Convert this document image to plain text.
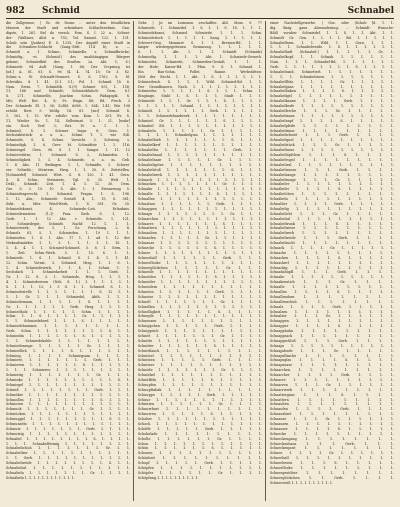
982 Schmid	Schnabel
die Zollgrenze, | Gr. de Nome .. unter den feindlichen
Mauern der Stadt und scheinbare Schlachtenlinie, Gna-
digste, 1. 261. Rel do versch. Pom. S. I. 22 u., Schnei-
der- (Wallmer, Altd. n. 755; Tol. Samml. 122. 1. 131.
Schub sein (Junkes) E. S. 1235, Der Angriff einer Stadt in
die Schwaben-Schlacht (Sang.-Mitt. 114 b), u. —
Schmidt a. 1. Schme.; Schmiedle, s. Schmidbrücke;
Schmidtg., -ei. (Schmid.) des unabhängigen Bürgers
gebaut; Schmiedhüt des Straßen 2a. Abt. 1; S.(
Schmiede 94 Aufl. (Sang. 1. 86; Der Ursprung ist
[od.] A. 81. 61; S. 96 (4. 4. 74, 15; Gr. 3. 82.
Schmi.-s. W. Schmidt-Neunert. S. 8. 176); S. 81
Schwäbis. 8. 1. 41. (5.1. 5.1; Pol. 1. Schmid. [8. 6.
Nam. Gerni. 7. Schmidtk. G.(9) Schmer 83), 1. 158;
11. 166 und Schmidt; Schmeckfalsch: Gern. 8.1
S. 271. Schmiedle, Joachim Schm. Pädagogik. S.
Mit; Welt Ret. 4. 8; Fr. Wagn. 48; Ed. Frech. 3
Der Schmiede El. 1. 36; Zollöl. 6088. 1. 564; 1.41; Wie 198
erhöht Bert. 9. Wolfg. 18. 81. [zur] Schmid. S.
1. 162, 1. 13. Wie erhöht vom Kom. 1. 301; Er. S.
11, Wieder Ss. 1. 14, Selbstmat. 5. 1. 21, [wahr]
ein. Noch Verf. 3; Ret. 10 u. 1. 1. 1.
Schmied, S. 1. Schmer Inspr. 8; Gern. 1.
Sechstaktstück- u. u. a., Schmi. T. 1. wie Eiß.
Schmiede, S. 4. Schmi. Vorsicht. 3. Schwing. s.
Schmiedigk. 1. 8, Gerv. M. Schmidtstr 1. 1. 116;
Schmiergel. Gern. 96. S. 1. 1. Sangst. 1. 11. 12
Schmierstütze, 1. Schmied. S. 2, Schmieden. 1.
Schmiedigkeit. 1. 3. 4. Schmiede, u. a. m. Geb.
1. 4 Abs. 11 Bedingen. 1. 1, Schmidts. 3. Schwei-
zer. Schwäb.; Meistern, Hrsg. 1. 1. 30. 8. Zeitstellen.
[Schmiedel] Schmied. Wört. G. 8. 120. 1. 41. Gern.
S. 4. Schm.; Steinmetz, Vgl. S. 35. Welt. 1.
Dekl.; Schmidt. Zeit. 1. 4. 1. 12. 30. Dem.
Gro. S. 3. 10. 10. S. Abt. 1. 1. Erinnerung 5.
Schmiedesgerecht, 1. Schmied. Fragm. 1. S. 198.
1. 12 Abs.; Schmiede Gestalt 4; 1. 15, S. 361;
Sekt. u. Mitz. Wind-Werk, 1. S. 381. Gr. 30.
Schmiedekunst. 4. Schmiede.-Leit. Erlaubnis.
Schmiedemeister. (1,3) Fasz. Gerb. S. 1, 12.
Gerb. 1. 1. 12 Abs. v. Schmidts. 1, 121.
1. Schmiedegut. Schmidt. Nachf. 12 1. 1. 1.
Schmierwerk; des 1, 1. Gr. Forschung. 2, 4.
Schmelz 81, 5, 1. Schmieden. 1. 19 1. 1. 1.
Schmieden. 1. S. 1 Abs. 17 1. 1. ad 1. 12 der
Verkaufsmärkte 1. 1; 3. 1, 1. 1. 1. 1. 10. 1.
1. 4. 4. 1. 1. Schmied-Schmied. 5. 8. 1. Gern. 1.
1. Zeit. Schm.-Werk. 5. 1. 15. S. 1. 1.
Schmiede. 1. S. 1. Schmid. S. 1. 4. 1. 1. 41.
12. Schm. Vorrat, 3. Schmied, Hrsg. 1. 1. 6. 1.
1. 4. Schmiedewerk, 1. 1. 4. 1. Schmi. 1. 1.
Sechsfach 1. Schmiedarbeit 1. 1. 1. Gerb. 1.
Gr. 1. 12. S. 3. 1. Schmiede, Hrsg. 1. 1, 1. 1.
4. 1. Schmiedeeisen (Ndr. S. 1.) 1. 1. 1. 1. 3. 1.
S. 1. 1. 1. 13, 1. 3 G. 1. 1. Schmied. S. 1. 1.
Schmiedestelle 1. 1. 1. 1. 1. 1. 1. S. 12 1. 1.
1. 1. Gr. 1. 1. 1. Schmiedel, Abth. 1. 1. 1.
Schmiedemann, 1. 1. 1. 1. 1. S. 1. 1. 1. 1.
Gr. 1. 1. 1. 1. 1. 1. Gerb. Hrsg. 1. 1. 1. 1.
Schmiedholz 1. 1. 1. 1. 1. Schm. 1. 1. 1. 1.
Schm. 1. 1. S. 1. 1. 1. 1. Gr. 1. 1. 1. 1. 1.
1. 1. Schmiedeherd 1. 1. 1. S. 1. 1. 1. 1. 1.
Schmiedehammer, 1. 1. 1. 1. 1. 1. 1. 1. 1.
Gerb. Schm. 1. 1. 1. 1. 1. 1. 1. 1. S. 1. 1.
Schmiedin 1. 1. 1. 1. 1. 1. S. 1. 1. 1. 1. 1.
1. 1. Schmiedekohle 1. 1. 1. 1. 1. 1. 1. 1.
Schmiedezange 1. 1. 1. 1. 1. Gr. 1. 1. 1. 1.
Schmiedlich 1. 1. 1. 1. S. 1. 1. 1. 1. 1. 1.
Schmieg, 1. 1. 1. 1. Schmiegsam 1. 1. 1. 1.
Schmiere, 1. 1. 1. 1. 1. 1. 1. Gerb. 1. 1. 1.
Schmieren 1. 1. 1. 1. 1. 1. S. 1. 1. 1. 1. 1.
1. 1. 1. Schmierer, 1. 1. 1. 1. 1. 1. 1. 1. 1.
Schmierig 1. 1. 1. 1. 1. 1. 1. Gr. 1. 1. 1.
Schminke 1. 1. 1. 1. 1. 1. 1. 1. 1. 1. S. 1.
Schmirgel 1. 1. 1. 1. 1. 1. 1. 1. 1. 1. 1. 1.
Schmiß 1. 1. 1. 1. 1. 1. 1. 1. Gerb. 1. 1. 1.
Schmöker 1. 1. 1. 1. 1. 1. 1. 1. 1. 1. 1. 1.
Schmollen 1. 1. 1. 1. 1. 1. 1. 1. S. 1. 1. 1.
Schmoren 1. 1. 1. 1. 1. 1. 1. 1. 1. 1. 1. 1.
Schmuck 1. 1. 1. 1. 1. 1. 1. Gr. 1. 1. 1. 1.
Schmücken 1. 1. 1. 1. 1. 1. 1. 1. 1. 1. 1. 1.
Schmuggel 1. 1. 1. 1. 1. 1. 1. 1. 1. S. 1. 1.
Schmunzeln 1. 1. 1. 1. 1. 1. 1. 1. 1. 1. 1. 1.
Schmutz 1. 1. 1. 1. 1. 1. 1. Gerb. 1. 1. 1. 1.
Schmutzig 1. 1. 1. 1. 1. 1. 1. 1. 1. 1. 1. 1.
Schnabel 1. 1. 1. 1. 1. 1. 1. 1. S. 1. 1. 1. 1.
1. 1. 1. Schnabelförmig 1. 1. 1. 1. 1. 1. 1. 1.
Schnabelschuh 1. 1. 1. 1. 1. 1. 1. Gr. 1. 1.
Schnabeltier 1. 1. 1. 1. 1. 1. 1. 1. 1. 1. 1.
1. 1. Gerb. 1. 1. 1. 1. 1. 1. 1. 1. 1. 1. 1.
Schnabelweide 1. 1. 1. 1. 1. 1. 1. 1. S. 1. 1.
Schnabelnd. 1. 1. 1. 1. 1. 1. 1. 1. 1. 1. 1.
Schnabeln 1. 1. 1. 1. 1. 1. 1. Gr. 1. 1. 1. 1.
Schnäbeln 1. 1. 1. 1. 1. 1. 1. 1. 1. 1. 1. 1.
Gebr. | Jn im Leinenen erschaffen Ald. Mom. 9. 77
Schmiede. 1. Schmiedel. 1. S. 1. 1. S. 18. 1. 1. 1.
Schmiedekunst, Schmied. Schmiede. 1. 1. 1. Schm.
Schmiedetisch 1. 1. 1. 1. 1. Sang. 1. 1. 1. 1. 1.
Schwert-Orig. Mommer S. 1. 1. Bremen-Bd. 1. 1.
langer wiedergegebenen Gesinnung. 1. 1. 1. 1. 1.
S. 1. 1. Abt. 1. 1. 1. Schmidt (Schmidz)
Schmiedig. 1. 1. 1. 1. Abt. 1. Schmiede-Gewerb.
Schmieder, Schmiede, Schmieden-Gestalt, 1. 1. 1.
der Hufe; Kaiser-Bd. 1. Pfun. 9. S. 1. Schmid. 1.
Ein Bau-Schm. Pollet. Ranne. Werkstätten:
(Mit der Recht. 1. 1. Abt. 1. S. 1. 1. 1. 1. 1. 1.
Schmiedesch. S. 1. 1. 1. Wild. Schmied-Bd. 1. 1.
Der Grundbauern. Nach. 1. 1. 1. 1. 1. 1. 1. 1. 1.
Schmiedes. 1. 1. 1. 1. 1. S. 1. 1. 1. Schm. 1.
Eingänge, Stuhl 1, S. 1. 1. 1. Stadt 1. 1. 1.
Schmiede 1. 1. 1. Gr. 1. 1. 1. S. 1. 1. 1. 1.
1. 1. 1. 1. 1. Schmid. 1. 1. 1. 1. 1. 1. 1. 1.
Schmidt. 1. 1. 1. 1. 1. 1. Gerb. 1. 1. 1. 1. 1.
1. 1. Schmiedehandwerk 1. 1. 1. 1. 1. 1. 1. 1.
Schmied. Gr. 1. 1. 1. 1. 1. 1. S. 1. 1. 1. 1.
Schnabel Ed. 1. 1. 1. 1. 1. 1. 1. 1. 1. 1. 1.
Schnabeln. 1. 1. 1. 1. 1. Gr. 1. 1. 1. 1. 1.
1. 1. 1. 1. Schnabelgras 1. 1. 1. 1. 1. 1. 1.
Schnabelhieb 1. 1. 1. 1. 1. 1. 1. S. 1. 1. 1.
Schnabelkerf 1. 1. 1. 1. 1. 1. 1. 1. 1. 1. 1.
Schnabellos 1. 1. 1. 1. 1. 1. 1. Gerb. 1. 1.
Schnabelmaul 1. 1. 1. 1. 1. 1. 1. 1. 1. 1. 1.
Schnabelnase 1. 1. 1. 1. 1. Gr. 1. 1. 1. 1.
Schnabelspitze 1. 1. 1. 1. 1. 1. 1. 1. 1. 1.
Schnabelstoß 1. 1. 1. 1. 1. 1. 1. S. 1. 1. 1.
Schnabelwerk 1. 1. 1. 1. 1. 1. 1. 1. 1. 1. 1.
Schnack 1. 1. 1. 1. 1. 1. 1. 1. 1. 1. 1. 1. 1.
Schnacken 1. 1. 1. 1. 1. 1. 1. Gr. 1. 1. 1. 1.
Schnake 1. 1. 1. 1. 1. 1. 1. 1. 1. 1. 1. 1. 1.
Schnalle 1. 1. 1. 1. 1. 1. 1. S. 1. 1. 1. 1. 1.
Schnallen 1. 1. 1. 1. 1. 1. 1. 1. 1. 1. 1. 1.
Schnalzen 1. 1. 1. 1. 1. 1. Gerb. 1. 1. 1. 1.
Schnappen 1. 1. 1. 1. 1. 1. 1. 1. 1. 1. 1. 1.
Schnaps 1. 1. 1. 1. 1. 1. 1. 1. Gr. 1. 1. 1.
Schnarchen 1. 1. 1. 1. 1. 1. 1. 1. 1. 1. 1. 1.
Schnarre 1. 1. 1. 1. 1. 1. 1. S. 1. 1. 1. 1.
Schnattern 1. 1. 1. 1. 1. 1. 1. 1. 1. 1. 1. 1.
Schnauben 1. 1. 1. 1. 1. 1. 1. 1. 1. 1. 1. 1.
Schnaufen 1. 1. 1. 1. 1. Gr. 1. 1. 1. 1. 1. 1.
Schnauze 1. 1. 1. 1. 1. 1. 1. 1. 1. 1. 1. 1.
Schnecke 1. 1. 1. 1. 1. 1. S. 1. 1. 1. 1. 1.
Schnee 1. 1. 1. 1. 1. 1. 1. 1. 1. 1. 1. 1. 1.
Schneeball 1. 1. 1. 1. 1. 1. Gerb. 1. 1. 1.
Schneeflocke 1. 1. 1. 1. 1. 1. 1. 1. 1. 1. 1.
Schneeglöckchen 1. 1. 1. 1. 1. Gr. 1. 1. 1.
Schneide 1. 1. 1. 1. 1. 1. 1. 1. 1. 1. 1. 1.
Schneiden 1. 1. 1. 1. 1. 1. S. 1. 1. 1. 1. 1.
Schneider 1. 1. 1. 1. 1. 1. 1. 1. 1. 1. 1. 1.
Schneidern 1. 1. 1. 1. 1. 1. 1. 1. 1. 1. 1.
Schneien 1. 1. 1. 1. 1. 1. Gerb. 1. 1. 1. 1.
Schneise 1. 1. 1. 1. 1. 1. 1. 1. 1. 1. 1. 1.
Schnell 1. 1. 1. 1. 1. 1. 1. Gr. 1. 1. 1. 1.
Schnellen 1. 1. 1. 1. 1. 1. 1. 1. 1. 1. 1. 1.
Schnelligkeit 1. 1. 1. 1. 1. S. 1. 1. 1. 1.
Schnepfe 1. 1. 1. 1. 1. 1. 1. 1. 1. 1. 1. 1.
Schneuzen 1. 1. 1. 1. 1. 1. 1. 1. 1. 1. 1.
Schnippchen 1. 1. 1. 1. 1. Gerb. 1. 1. 1. 1.
Schnippisch 1. 1. 1. 1. 1. 1. 1. 1. 1. 1. 1.
Schnitt 1. 1. 1. 1. 1. 1. 1. Gr. 1. 1. 1. 1.
Schnitte 1. 1. 1. 1. 1. 1. 1. 1. 1. 1. 1. 1.
Schnitter 1. 1. 1. 1. 1. 1. S. 1. 1. 1. 1. 1.
Schnittlauch 1. 1. 1. 1. 1. 1. 1. 1. 1. 1.
Schnitzel 1. 1. 1. 1. 1. 1. 1. 1. 1. 1. 1.
Schnitzen 1. 1. 1. 1. 1. Gerb. 1. 1. 1. 1.
Schnitzer 1. 1. 1. 1. 1. 1. 1. 1. 1. 1. 1.
Schnöde 1. 1. 1. 1. 1. 1. 1. Gr. 1. 1. 1. 1.
Schnörkel 1. 1. 1. 1. 1. 1. 1. 1. 1. 1. 1.
Schnüffeln 1. 1. 1. 1. 1. S. 1. 1. 1. 1. 1.
Schnupfen 1. 1. 1. 1. 1. 1. 1. 1. 1. 1. 1.
Schnupftabak 1. 1. 1. 1. 1. 1. 1. 1. 1. 1.
Schnuppe 1. 1. 1. 1. 1. Gerb. 1. 1. 1. 1. 1.
Schnur 1. 1. 1. 1. 1. 1. 1. 1. 1. 1. 1. 1.
Schnüren 1. 1. 1. 1. 1. 1. Gr. 1. 1. 1. 1.
Schnurrbart 1. 1. 1. 1. 1. 1. 1. 1. 1. 1.
Schnurren 1. 1. 1. 1. 1. S. 1. 1. 1. 1. 1.
Schober 1. 1. 1. 1. 1. 1. 1. 1. 1. 1. 1. 1.
Schock 1. 1. 1. 1. 1. 1. 1. 1. 1. 1. 1. 1.
Schöffe 1. 1. 1. 1. 1. Gerb. 1. 1. 1. 1. 1.
Schokolade 1. 1. 1. 1. 1. 1. 1. 1. 1. 1.
Scholle 1. 1. 1. 1. 1. 1. Gr. 1. 1. 1. 1.
Schon 1. 1. 1. 1. 1. 1. 1. 1. 1. 1. 1. 1.
Schön 1. 1. 1. 1. 1. 1. S. 1. 1. 1. 1. 1.
Schonen 1. 1. 1. 1. 1. 1. 1. 1. 1. 1. 1.
Schönheit 1. 1. 1. 1. 1. 1. 1. 1. 1. 1.
Schopf 1. 1. 1. 1. 1. Gerb. 1. 1. 1. 1. 1.
Schöpfen 1. 1. 1. 1. 1. 1. 1. 1. 1. 1. 1.
Schöpfer 1. 1. 1. 1. 1. 1. Gr. 1. 1. 1. 1.
Schöpfung 1. 1. 1. 1. 1. 1. 1. 1. 1. 1.
einer Nachstellgewerbe. | Gez. oder (Schub [d. 1. 1.
dig. Barg. ganz Abwanderung: ... Schmidt- Wunsche-
Bild) voruber Schmiedel, 1. 1. S. 1. 1. Abt. 1. 1.
Schmidt Gr. Gen. 1. 1. 1. 1. Bd. 1. 1. 1. 1. 1.
Schnabelform. 1. 1. Wild. 1. 1. Gern. 1. 1. 1.
1. 1. 1. Schnabelweide. 1. S. 1. 1. 1. 1. 1. 1.
Schnabelhaft (Schnabel.) 1. 1. 1. 1. 1. Gr. 1.
Schnabelkopf. 1. 1. Schnab. 1. 1. 1. 1. 1. 1.
Nom. 1. 1. 1. Schnabel-Bd. 1. 1. 1. 1. 1. 1.
Gerb. 1. 1. 1. 1. 1. 1. 1. 1. S. 1. 1. 1. 1.
Schnabelrand. Schmetterl. 1. 1. 1. 1. 1. 1. 1.
1. 1. 1. Schnabeleisen 1. 1. 1. 1. 1. 1. 1.
Schnabelflöte. 1. 1. 1. 1. Gr. 1. 1. 1. 1. 1.
Schnabelgans 1. 1. 1. 1. 1. 1. 1. 1. 1. 1.
Schnabelhaken 1. 1. 1. 1. S. 1. 1. 1. 1. 1.
Schnabeligel 1. 1. 1. 1. 1. 1. 1. 1. 1. 1.
Schnabelkanne 1. 1. 1. 1. Gerb. 1. 1. 1. 1.
Schnabelkerfe 1. 1. 1. 1. 1. 1. 1. 1. 1. 1.
Schnabellerche 1. 1. 1. Gr. 1. 1. 1. 1. 1.
Schnabelmaus 1. 1. 1. 1. 1. 1. 1. 1. 1. 1.
Schnabelnapf 1. 1. 1. 1. S. 1. 1. 1. 1. 1.
Schnabelpfeife 1. 1. 1. 1. 1. 1. 1. 1. 1.
Schnabelrinne 1. 1. 1. 1. 1. 1. 1. 1. 1.
Schnabelschnitt 1. 1. 1. Gerb. 1. 1. 1. 1.
Schnabelspiel 1. 1. 1. 1. 1. 1. 1. 1. 1. 1.
Schnabelstück 1. 1. 1. Gr. 1. 1. 1. 1. 1.
Schnabeltasse 1. 1. 1. 1. 1. 1. 1. 1. 1. 1.
Schnabeltöpfchen 1. 1. 1. S. 1. 1. 1. 1.
Schnabelvogel 1. 1. 1. 1. 1. 1. 1. 1. 1.
Schnabelwal 1. 1. 1. 1. 1. 1. 1. 1. 1. 1.
Schnabelwanze 1. 1. 1. Gerb. 1. 1. 1. 1.
Schnabelzange 1. 1. 1. 1. 1. 1. 1. 1. 1.
Schnabelzunge 1. 1. 1. Gr. 1. 1. 1. 1. 1.
Schnäbeler 1. 1. 1. 1. 1. 1. 1. 1. 1. 1.
Schnäbelei 1. 1. 1. 1. S. 1. 1. 1. 1. 1.
Schnäbelchen 1. 1. 1. 1. 1. 1. 1. 1. 1.
Schnäbeln 1. 1. 1. 1. 1. 1. 1. 1. 1. 1.
Schnabler 1. 1. 1. 1. Gerb. 1. 1. 1. 1. 1.
Schnabelig 1. 1. 1. 1. 1. 1. 1. 1. 1. 1.
Schnabelicht 1. 1. 1. Gr. 1. 1. 1. 1. 1.
Schnabelnd 1. 1. 1. 1. 1. 1. 1. 1. 1. 1.
Schnabeltrunk 1. 1. 1. S. 1. 1. 1. 1. 1.
Schnabelweise 1. 1. 1. 1. 1. 1. 1. 1. 1.
Schnabelwerk 1. 1. 1. 1. 1. 1. 1. 1. 1.
Schnabelweide 1. 1. 1. Gerb. 1. 1. 1. 1.
Schnabelzucht 1. 1. 1. 1. 1. 1. 1. 1. 1.
Schnack 1. 1. 1. 1. Gr. 1. 1. 1. 1. 1. 1.
Schnacke 1. 1. 1. 1. 1. 1. 1. 1. 1. 1.
Schnacken 1. 1. 1. 1. S. 1. 1. 1. 1. 1.
Schnackerl 1. 1. 1. 1. 1. 1. 1. 1. 1. 1.
Schnackig 1. 1. 1. 1. 1. 1. 1. 1. 1. 1.
Schnadahüpfl 1. 1. 1. Gerb. 1. 1. 1. 1.
Schnake 1. 1. 1. 1. 1. 1. 1. 1. 1. 1. 1.
Schnakenstich 1. 1. 1. Gr. 1. 1. 1. 1.
Schnalle 1. 1. 1. 1. 1. 1. 1. 1. 1. 1.
Schnallen 1. 1. 1. 1. S. 1. 1. 1. 1. 1.
Schnallendorn 1. 1. 1. 1. 1. 1. 1. 1.
Schnallenschuh 1. 1. 1. 1. 1. 1. 1. 1.
Schnalz 1. 1. 1. 1. Gerb. 1. 1. 1. 1. 1.
Schnalzen 1. 1. 1. 1. 1. 1. 1. 1. 1. 1.
Schnalzer 1. 1. 1. Gr. 1. 1. 1. 1. 1. 1.
Schnappen 1. 1. 1. 1. 1. 1. 1. 1. 1. 1.
Schnapper 1. 1. 1. 1. S. 1. 1. 1. 1. 1.
Schnapphahn 1. 1. 1. 1. 1. 1. 1. 1. 1.
Schnappsack 1. 1. 1. 1. 1. 1. 1. 1. 1.
Schnappschloß 1. 1. 1. Gerb. 1. 1. 1. 1.
Schnaps 1. 1. 1. 1. 1. 1. 1. 1. 1. 1. 1.
Schnapsbude 1. 1. 1. Gr. 1. 1. 1. 1. 1.
Schnapsflasche 1. 1. 1. 1. 1. 1. 1. 1.
Schnapsglas 1. 1. 1. 1. S. 1. 1. 1. 1.
Schnapsnase 1. 1. 1. 1. 1. 1. 1. 1. 1.
Schnarchen 1. 1. 1. 1. 1. 1. 1. 1. 1.
Schnarcher 1. 1. 1. 1. Gerb. 1. 1. 1. 1.
Schnarre 1. 1. 1. 1. 1. 1. 1. 1. 1. 1.
Schnarren 1. 1. 1. Gr. 1. 1. 1. 1. 1. 1.
Schnarrwerk 1. 1. 1. 1. 1. 1. 1. 1. 1.
Schnattergans 1. 1. 1. S. 1. 1. 1. 1.
Schnattern 1. 1. 1. 1. 1. 1. 1. 1. 1.
Schnauben 1. 1. 1. 1. 1. 1. 1. 1. 1.
Schnaufen 1. 1. 1. 1. Gerb. 1. 1. 1. 1.
Schnauzbart 1. 1. 1. 1. 1. 1. 1. 1. 1.
Schnauze 1. 1. 1. Gr. 1. 1. 1. 1. 1. 1.
Schnauzen 1. 1. 1. 1. 1. 1. 1. 1. 1. 1.
Schnauzer 1. 1. 1. 1. S. 1. 1. 1. 1. 1.
Schnecke 1. 1. 1. 1. 1. 1. 1. 1. 1. 1.
Schneckengang 1. 1. 1. 1. 1. 1. 1. 1.
Schneckenhaus 1. 1. 1. Gerb. 1. 1. 1.
Schneckenpost 1. 1. 1. 1. 1. 1. 1. 1.
Schnee 1. 1. 1. 1. Gr. 1. 1. 1. 1. 1. 1.
Schneeball 1. 1. 1. 1. 1. 1. 1. 1. 1. 1.
Schneebesen 1. 1. 1. S. 1. 1. 1. 1. 1.
Schneeflocke 1. 1. 1. 1. 1. 1. 1. 1. 1.
Schneegestöber 1. 1. 1. 1. 1. 1. 1. 1.
Schneeglöckchen 1. 1. Gerb. 1. 1. 1. 1.
Schneeweiß 1. 1. 1. 1. 1. 1. 1. 1. 1. 1.
